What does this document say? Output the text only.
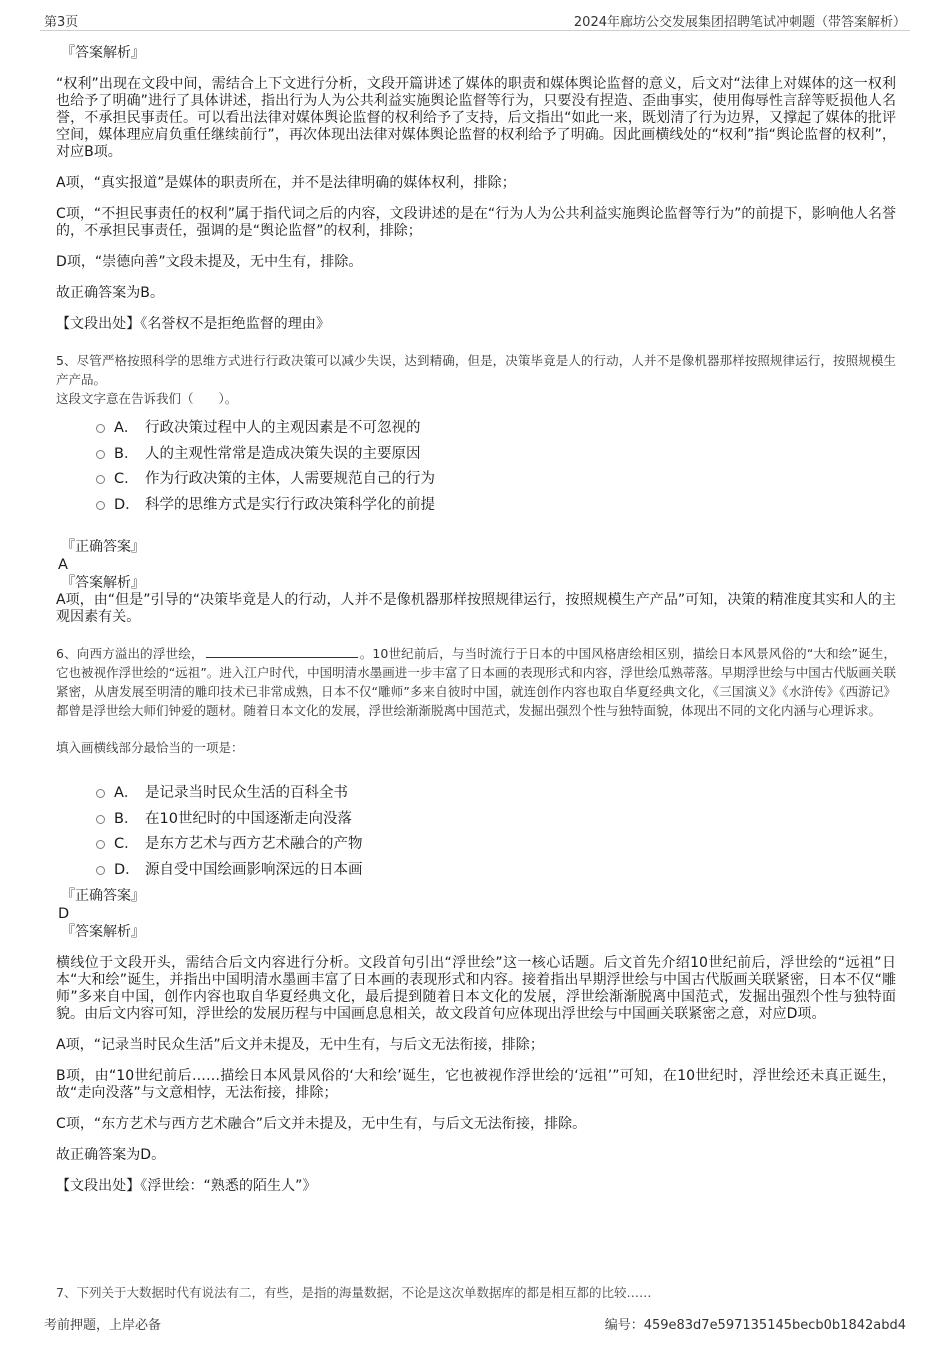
第3页	2024年廊坊公交发展集团招聘笔试冲刺题（带答案解析）
『答案解析』

“权利”出现在文段中间，需结合上下文进行分析，文段开篇讲述了媒体的职责和媒体舆论监督的意义，后文对“法律上对媒体的这一权利也给予了明确”进行了具体讲述，指出行为人为公共利益实施舆论监督等行为，只要没有捏造、歪曲事实，使用侮辱性言辞等贬损他人名誉，不承担民事责任。可以看出法律对媒体舆论监督的权利给予了支持，后文指出“如此一来，既划清了行为边界，又撑起了媒体的批评空间，媒体理应肩负重任继续前行”，再次体现出法律对媒体舆论监督的权利给予了明确。因此画横线处的“权利”指“舆论监督的权利”，对应B项。

A项，“真实报道”是媒体的职责所在，并不是法律明确的媒体权利，排除；

C项，“不担民事责任的权利”属于指代词之后的内容，文段讲述的是在“行为人为公共利益实施舆论监督等行为”的前提下，影响他人名誉的，不承担民事责任，强调的是“舆论监督”的权利，排除；

D项，“崇德向善”文段未提及，无中生有，排除。

故正确答案为B。

【文段出处】《名誉权不是拒绝监督的理由》

5、尽管严格按照科学的思维方式进行行政决策可以减少失误，达到精确，但是，决策毕竟是人的行动，人并不是像机器那样按照规律运行，按照规模生产产品。

这段文字意在告诉我们（　　）。

A． 行政决策过程中人的主观因素是不可忽视的
B． 人的主观性常常是造成决策失误的主要原因
C． 作为行政决策的主体，人需要规范自己的行为
D． 科学的思维方式是实行行政决策科学化的前提
『正确答案』

A

『答案解析』

A项，由“但是”引导的“决策毕竟是人的行动，人并不是像机器那样按照规律运行，按照规模生产产品”可知，决策的精准度其实和人的主观因素有关。

6、向西方溢出的浮世绘，	。10世纪前后，与当时流行于日本的中国风格唐绘相区别，描绘日本风景风俗的“大和绘”诞生，它也被视作浮世绘的“远祖”。进入江户时代，中国明清水墨画进一步丰富了日本画的表现形式和内容，浮世绘瓜熟蒂落。早期浮世绘与中国古代版画关联紧密，从唐发展至明清的雕印技术已非常成熟，日本不仅“雕师”多来自彼时中国，就连创作内容也取自华夏经典文化，《三国演义》《水浒传》《西游记》都曾是浮世绘大师们钟爱的题材。随着日本文化的发展，浮世绘渐渐脱离中国范式，发掘出强烈个性与独特面貌，体现出不同的文化内涵与心理诉求。

填入画横线部分最恰当的一项是：

A． 是记录当时民众生活的百科全书
B． 在10世纪时的中国逐渐走向没落
C． 是东方艺术与西方艺术融合的产物
D． 源自受中国绘画影响深远的日本画
『正确答案』

D

『答案解析』

横线位于文段开头，需结合后文内容进行分析。文段首句引出“浮世绘”这一核心话题。后文首先介绍10世纪前后，浮世绘的“远祖”日本“大和绘”诞生，并指出中国明清水墨画丰富了日本画的表现形式和内容。接着指出早期浮世绘与中国古代版画关联紧密，日本不仅“雕师”多来自中国，创作内容也取自华夏经典文化，最后提到随着日本文化的发展，浮世绘渐渐脱离中国范式，发掘出强烈个性与独特面貌。由后文内容可知，浮世绘的发展历程与中国画息息相关，故文段首句应体现出浮世绘与中国画关联紧密之意，对应D项。

A项，“记录当时民众生活”后文并未提及，无中生有，与后文无法衔接，排除；

B项，由“10世纪前后……描绘日本风景风俗的‘大和绘’诞生，它也被视作浮世绘的‘远祖’”可知，在10世纪时，浮世绘还未真正诞生，故“走向没落”与文意相悖，无法衔接，排除；

C项，“东方艺术与西方艺术融合”后文并未提及，无中生有，与后文无法衔接，排除。

故正确答案为D。

【文段出处】《浮世绘：“熟悉的陌生人”》

7、下列关于大数据时代有说法有二，有些，是指的海量数据，不论是这次单数据库的都是相互都的比较……
考前押题，上岸必备	编号：459e83d7e597135145becb0b1842abd4
